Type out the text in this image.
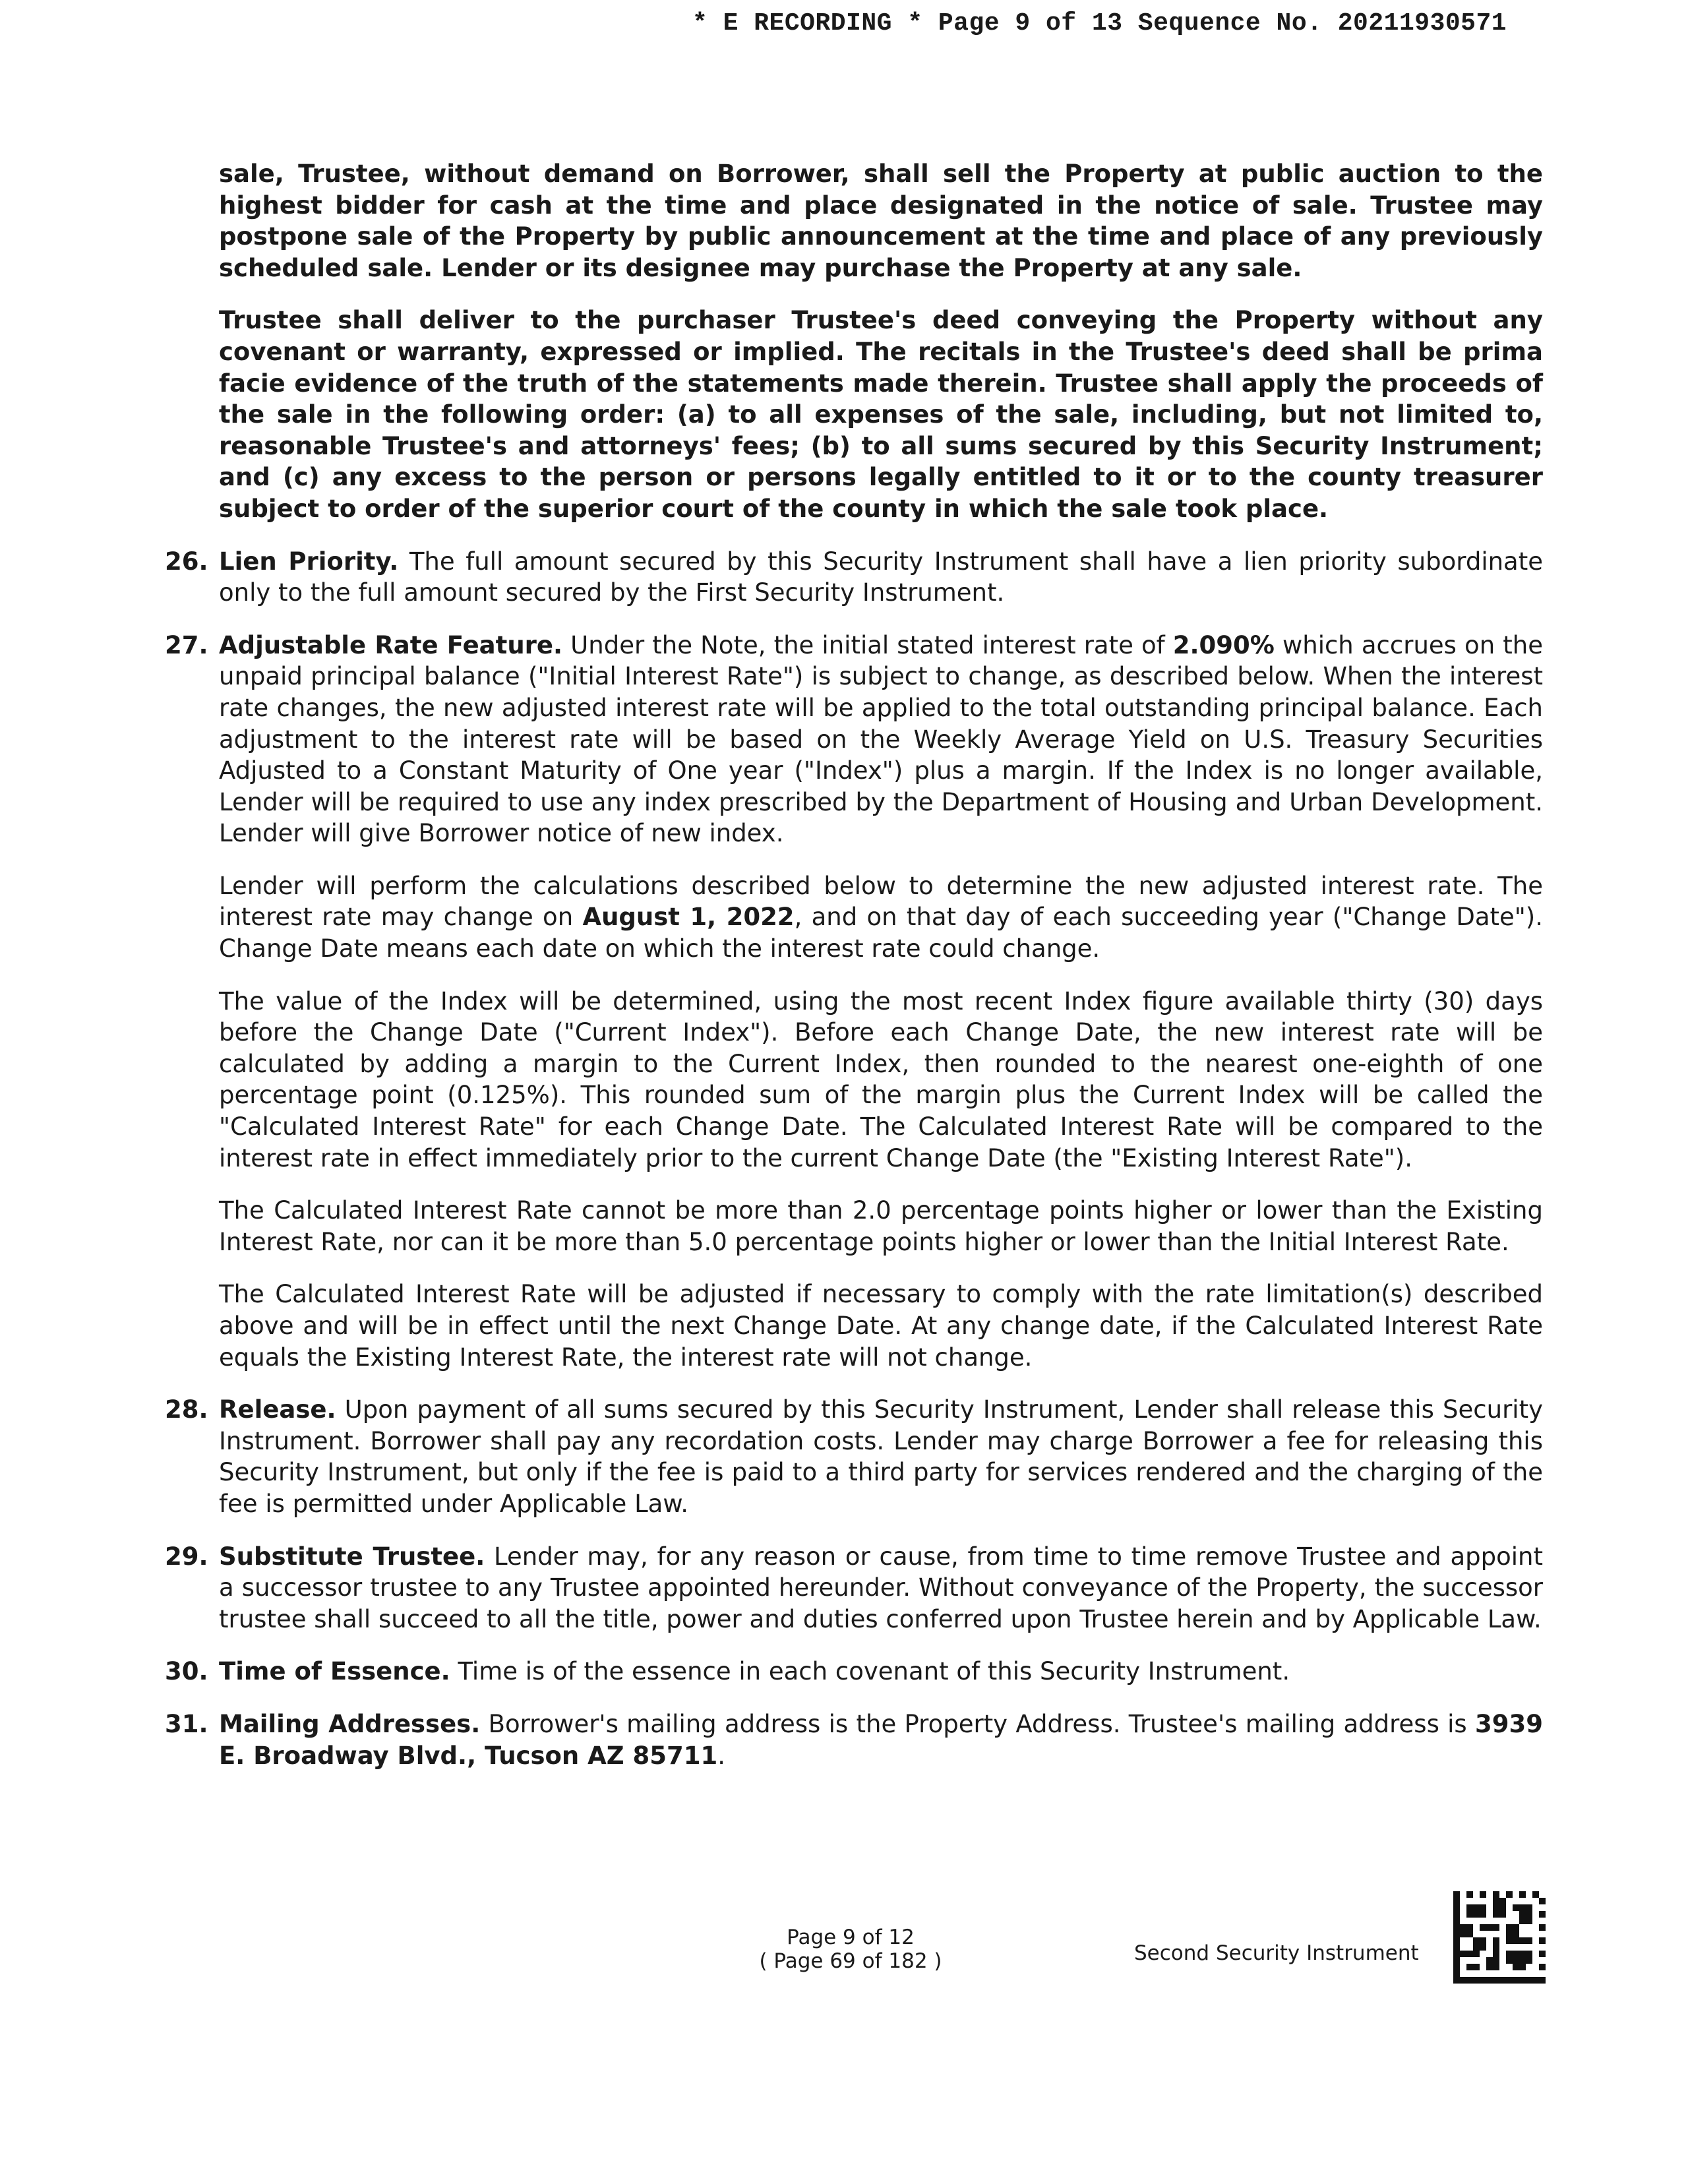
* E RECORDING * Page 9 of 13 Sequence No. 20211930571

sale, Trustee, without demand on Borrower, shall sell the Property at public auction to the highest bidder for cash at the time and place designated in the notice of sale. Trustee may postpone sale of the Property by public announcement at the time and place of any previously scheduled sale. Lender or its designee may purchase the Property at any sale.

Trustee shall deliver to the purchaser Trustee's deed conveying the Property without any covenant or warranty, expressed or implied. The recitals in the Trustee's deed shall be prima facie evidence of the truth of the statements made therein. Trustee shall apply the proceeds of the sale in the following order: (a) to all expenses of the sale, including, but not limited to, reasonable Trustee's and attorneys' fees; (b) to all sums secured by this Security Instrument; and (c) any excess to the person or persons legally entitled to it or to the county treasurer subject to order of the superior court of the county in which the sale took place.

26. Lien Priority. The full amount secured by this Security Instrument shall have a lien priority subordinate only to the full amount secured by the First Security Instrument.
27. Adjustable Rate Feature. Under the Note, the initial stated interest rate of 2.090% which accrues on the unpaid principal balance ("Initial Interest Rate") is subject to change, as described below. When the interest rate changes, the new adjusted interest rate will be applied to the total outstanding principal balance. Each adjustment to the interest rate will be based on the Weekly Average Yield on U.S. Treasury Securities Adjusted to a Constant Maturity of One year ("Index") plus a margin. If the Index is no longer available, Lender will be required to use any index prescribed by the Department of Housing and Urban Development. Lender will give Borrower notice of new index.

Lender will perform the calculations described below to determine the new adjusted interest rate. The interest rate may change on August 1, 2022, and on that day of each succeeding year ("Change Date"). Change Date means each date on which the interest rate could change.

The value of the Index will be determined, using the most recent Index figure available thirty (30) days before the Change Date ("Current Index"). Before each Change Date, the new interest rate will be calculated by adding a margin to the Current Index, then rounded to the nearest one-eighth of one percentage point (0.125%). This rounded sum of the margin plus the Current Index will be called the "Calculated Interest Rate" for each Change Date. The Calculated Interest Rate will be compared to the interest rate in effect immediately prior to the current Change Date (the "Existing Interest Rate").

The Calculated Interest Rate cannot be more than 2.0 percentage points higher or lower than the Existing Interest Rate, nor can it be more than 5.0 percentage points higher or lower than the Initial Interest Rate.

The Calculated Interest Rate will be adjusted if necessary to comply with the rate limitation(s) described above and will be in effect until the next Change Date. At any change date, if the Calculated Interest Rate equals the Existing Interest Rate, the interest rate will not change.

28. Release. Upon payment of all sums secured by this Security Instrument, Lender shall release this Security Instrument. Borrower shall pay any recordation costs. Lender may charge Borrower a fee for releasing this Security Instrument, but only if the fee is paid to a third party for services rendered and the charging of the fee is permitted under Applicable Law.
29. Substitute Trustee. Lender may, for any reason or cause, from time to time remove Trustee and appoint a successor trustee to any Trustee appointed hereunder. Without conveyance of the Property, the successor trustee shall succeed to all the title, power and duties conferred upon Trustee herein and by Applicable Law.
30. Time of Essence. Time is of the essence in each covenant of this Security Instrument.
31. Mailing Addresses. Borrower's mailing address is the Property Address. Trustee's mailing address is 3939 E. Broadway Blvd., Tucson AZ 85711.
Page 9 of 12
( Page 69 of 182 )	Second Security Instrument
